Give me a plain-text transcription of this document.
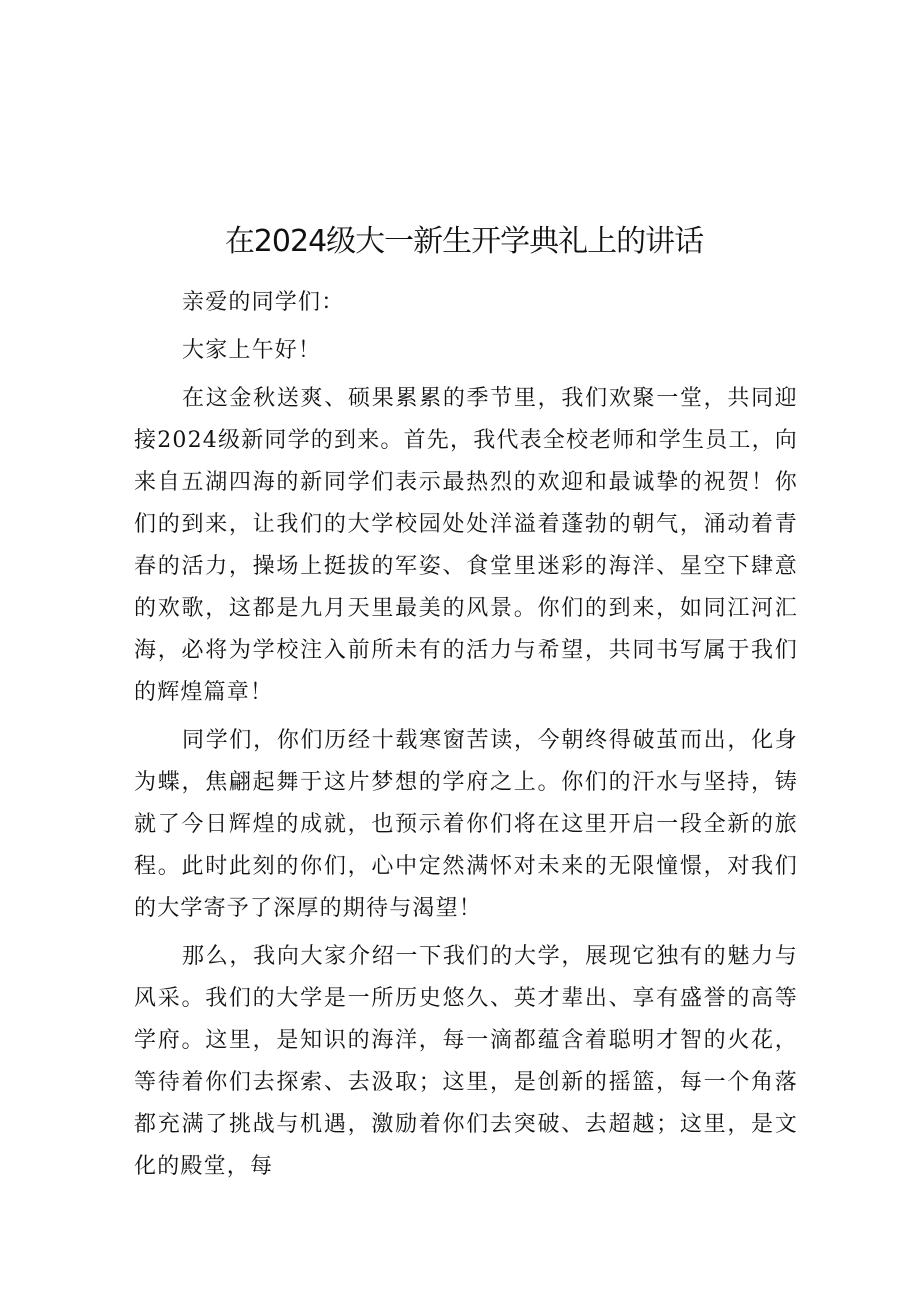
在2024级大一新生开学典礼上的讲话

亲爱的同学们：

大家上午好！

在这金秋送爽、硕果累累的季节里，我们欢聚一堂，共同迎接2024级新同学的到来。首先，我代表全校老师和学生员工，向来自五湖四海的新同学们表示最热烈的欢迎和最诚挚的祝贺！你们的到来，让我们的大学校园处处洋溢着蓬勃的朝气，涌动着青春的活力，操场上挺拔的军姿、食堂里迷彩的海洋、星空下肆意的欢歌，这都是九月天里最美的风景。你们的到来，如同江河汇海，必将为学校注入前所未有的活力与希望，共同书写属于我们的辉煌篇章！

同学们，你们历经十载寒窗苦读，今朝终得破茧而出，化身为蝶，焦翩起舞于这片梦想的学府之上。你们的汗水与坚持，铸就了今日辉煌的成就，也预示着你们将在这里开启一段全新的旅程。此时此刻的你们，心中定然满怀对未来的无限憧憬，对我们的大学寄予了深厚的期待与渴望！

那么，我向大家介绍一下我们的大学，展现它独有的魅力与风采。我们的大学是一所历史悠久、英才辈出、享有盛誉的高等学府。这里，是知识的海洋，每一滴都蕴含着聪明才智的火花，等待着你们去探索、去汲取；这里，是创新的摇篮，每一个角落都充满了挑战与机遇，激励着你们去突破、去超越；这里，是文化的殿堂，每
